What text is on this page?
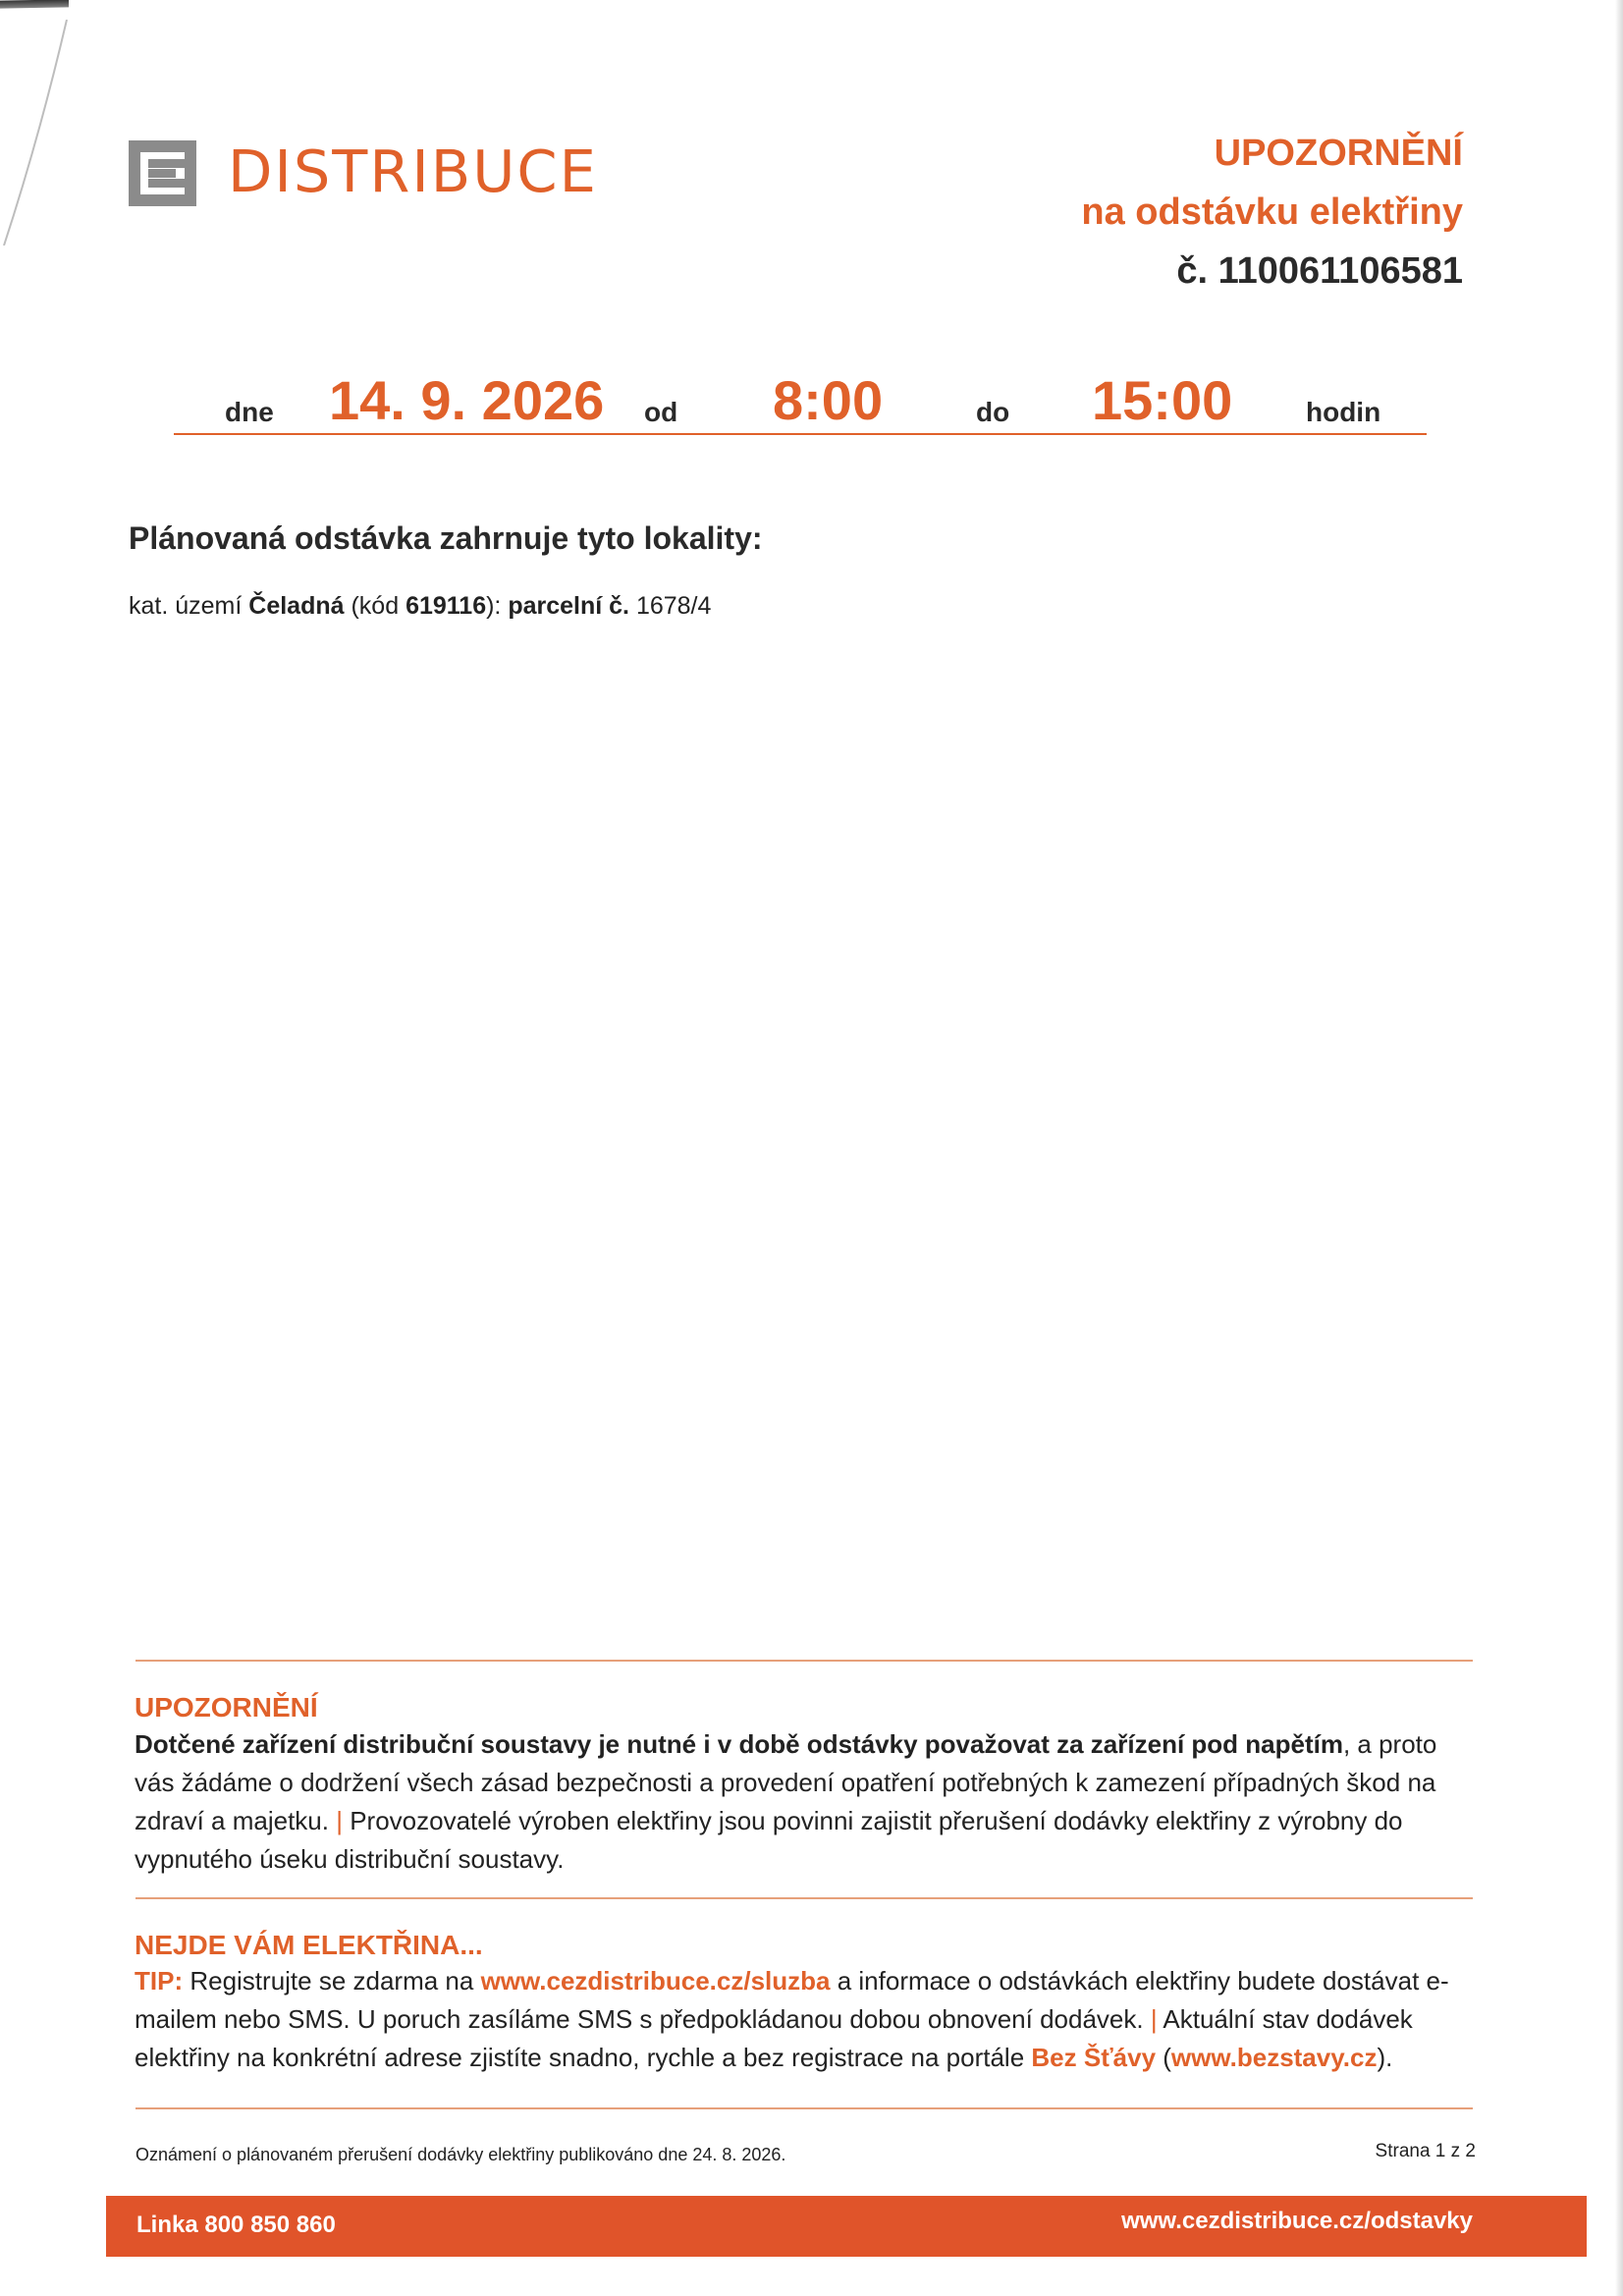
DISTRIBUCE	UPOZORNĚNÍ
na odstávku elektřiny
č. 110061106581
dne 14. 9. 2026 od 8:00	do 15:00	hodin
Plánovaná odstávka zahrnuje tyto lokality:
kat. území Čeladná (kód 619116): parcelní č. 1678/4
UPOZORNĚNÍ
Dotčené zařízení distribuční soustavy je nutné i v době odstávky považovat za zařízení pod napětím, a proto vás žádáme o dodržení všech zásad bezpečnosti a provedení opatření potřebných k zamezení případných škod na zdraví a majetku. | Provozovatelé výroben elektřiny jsou povinni zajistit přerušení dodávky elektřiny z výrobny do vypnutého úseku distribuční soustavy.
NEJDE VÁM ELEKTŘINA...
TIP: Registrujte se zdarma na www.cezdistribuce.cz/sluzba a informace o odstávkách elektřiny budete dostávat e-mailem nebo SMS. U poruch zasíláme SMS s předpokládanou dobou obnovení dodávek. | Aktuální stav dodávek elektřiny na konkrétní adrese zjistíte snadno, rychle a bez registrace na portále Bez Šťávy (www.bezstavy.cz).
Oznámení o plánovaném přerušení dodávky elektřiny publikováno dne 24. 8. 2026.	Strana 1 z 2
Linka 800 850 860	www.cezdistribuce.cz/odstavky
